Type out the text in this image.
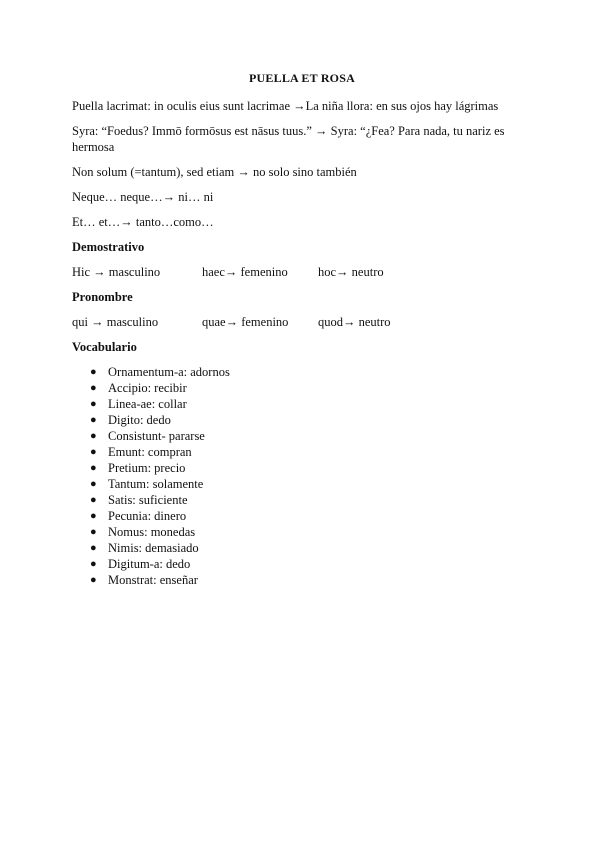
PUELLA ET ROSA
Puella lacrimat: in oculis eius sunt lacrimae →La niña llora: en sus ojos hay lágrimas
Syra: “Foedus? Immō formōsus est nāsus tuus.” → Syra: “¿Fea? Para nada, tu nariz es hermosa
Non solum (=tantum), sed etiam → no solo sino también
Neque… neque…→ ni… ni
Et… et…→ tanto…como…
Demostrativo
Hic → masculino	haec→ femenino	hoc→ neutro
Pronombre
qui → masculino	quae→ femenino	quod→ neutro
Vocabulario
● Ornamentum-a: adornos
● Accipio: recibir
● Linea-ae: collar
● Digito: dedo
● Consistunt- pararse
● Emunt: compran
● Pretium: precio
● Tantum: solamente
● Satis: suficiente
● Pecunia: dinero
● Nomus: monedas
● Nimis: demasiado
● Digitum-a: dedo
● Monstrat: enseñar
